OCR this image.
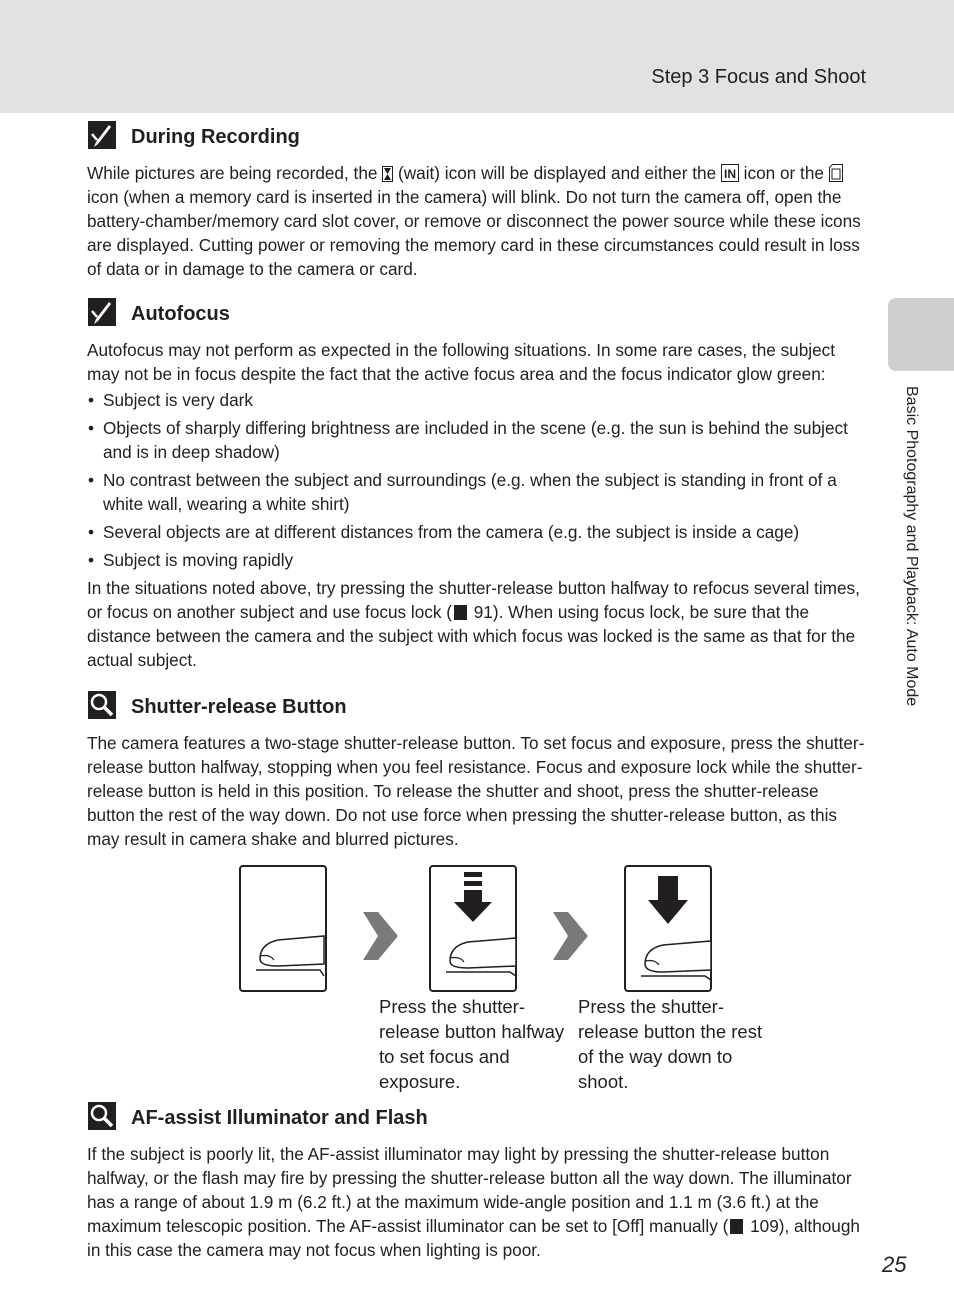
Step 3 Focus and Shoot
Basic Photography and Playback: Auto Mode
During Recording

While pictures are being recorded, the  (wait) icon will be displayed and either the IN icon or the  icon (when a memory card is inserted in the camera) will blink. Do not turn the camera off, open the battery-chamber/memory card slot cover, or remove or disconnect the power source while these icons are displayed. Cutting power or removing the memory card in these circumstances could result in loss of data or in damage to the camera or card.

Autofocus

Autofocus may not perform as expected in the following situations. In some rare cases, the subject may not be in focus despite the fact that the active focus area and the focus indicator glow green:

• Subject is very dark
• Objects of sharply differing brightness are included in the scene (e.g. the sun is behind the subject and is in deep shadow)
• No contrast between the subject and surroundings (e.g. when the subject is standing in front of a white wall, wearing a white shirt)
• Several objects are at different distances from the camera (e.g. the subject is inside a cage)
• Subject is moving rapidly

In the situations noted above, try pressing the shutter-release button halfway to refocus several times, or focus on another subject and use focus lock ( 91). When using focus lock, be sure that the distance between the camera and the subject with which focus was locked is the same as that for the actual subject.

Shutter-release Button

The camera features a two-stage shutter-release button. To set focus and exposure, press the shutter-release button halfway, stopping when you feel resistance. Focus and exposure lock while the shutter-release button is held in this position. To release the shutter and shoot, press the shutter-release button the rest of the way down. Do not use force when pressing the shutter-release button, as this may result in camera shake and blurred pictures.

Press the shutter-release button halfway to set focus and exposure.
Press the shutter-release button the rest of the way down to shoot.
AF-assist Illuminator and Flash

If the subject is poorly lit, the AF-assist illuminator may light by pressing the shutter-release button halfway, or the flash may fire by pressing the shutter-release button all the way down. The illuminator has a range of about 1.9 m (6.2 ft.) at the maximum wide-angle position and 1.1 m (3.6 ft.) at the maximum telescopic position. The AF-assist illuminator can be set to [Off] manually ( 109), although in this case the camera may not focus when lighting is poor.

25
